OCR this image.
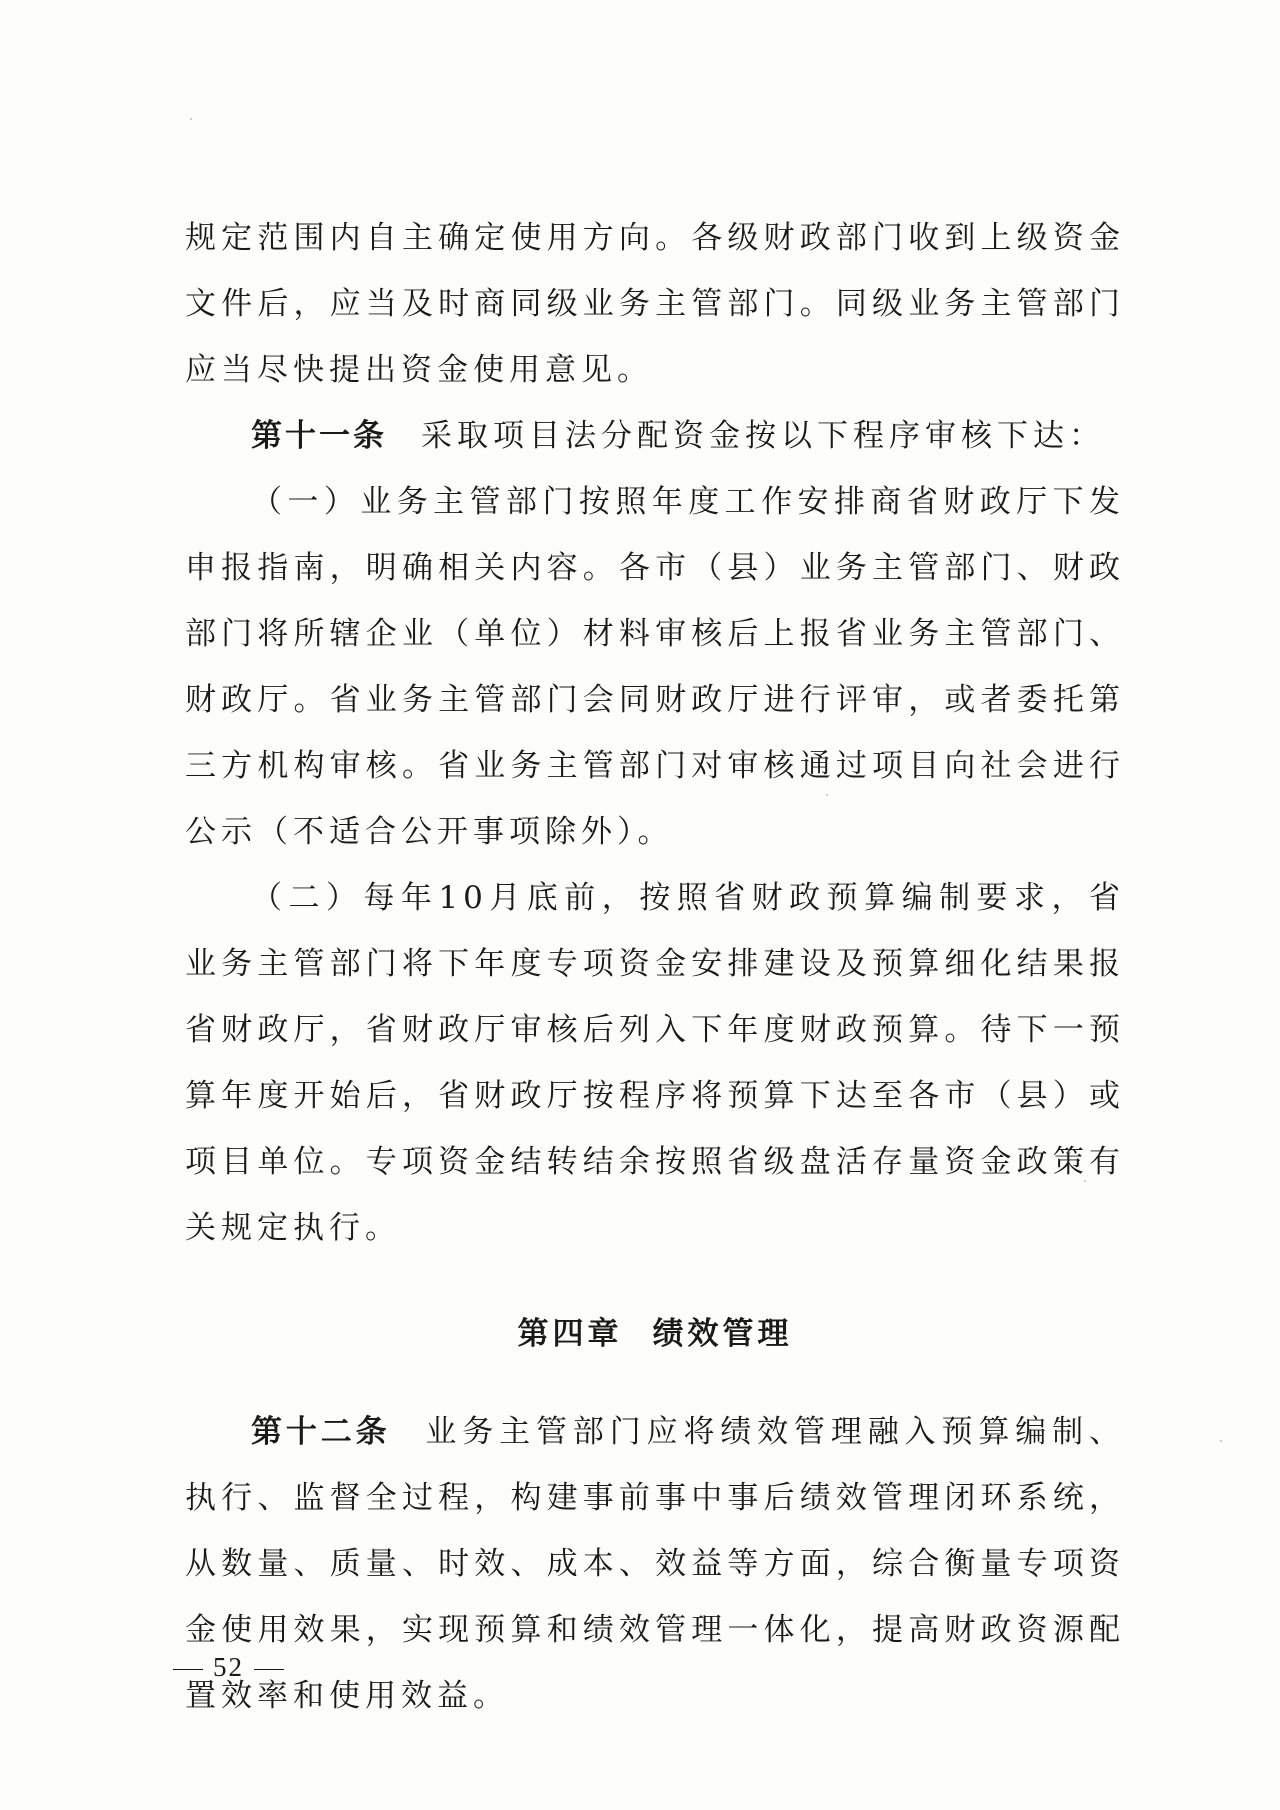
规定范围内自主确定使用方向。各级财政部门收到上级资金文件后，应当及时商同级业务主管部门。同级业务主管部门应当尽快提出资金使用意见。

第十一条 采取项目法分配资金按以下程序审核下达：

（一）业务主管部门按照年度工作安排商省财政厅下发申报指南，明确相关内容。各市（县）业务主管部门、财政部门将所辖企业（单位）材料审核后上报省业务主管部门、财政厅。省业务主管部门会同财政厅进行评审，或者委托第三方机构审核。省业务主管部门对审核通过项目向社会进行公示（不适合公开事项除外）。

（二）每年10月底前，按照省财政预算编制要求，省业务主管部门将下年度专项资金安排建设及预算细化结果报省财政厅，省财政厅审核后列入下年度财政预算。待下一预算年度开始后，省财政厅按程序将预算下达至各市（县）或项目单位。专项资金结转结余按照省级盘活存量资金政策有关规定执行。

第四章 绩效管理

第十二条 业务主管部门应将绩效管理融入预算编制、执行、监督全过程，构建事前事中事后绩效管理闭环系统，从数量、质量、时效、成本、效益等方面，综合衡量专项资金使用效果，实现预算和绩效管理一体化，提高财政资源配置效率和使用效益。

52
